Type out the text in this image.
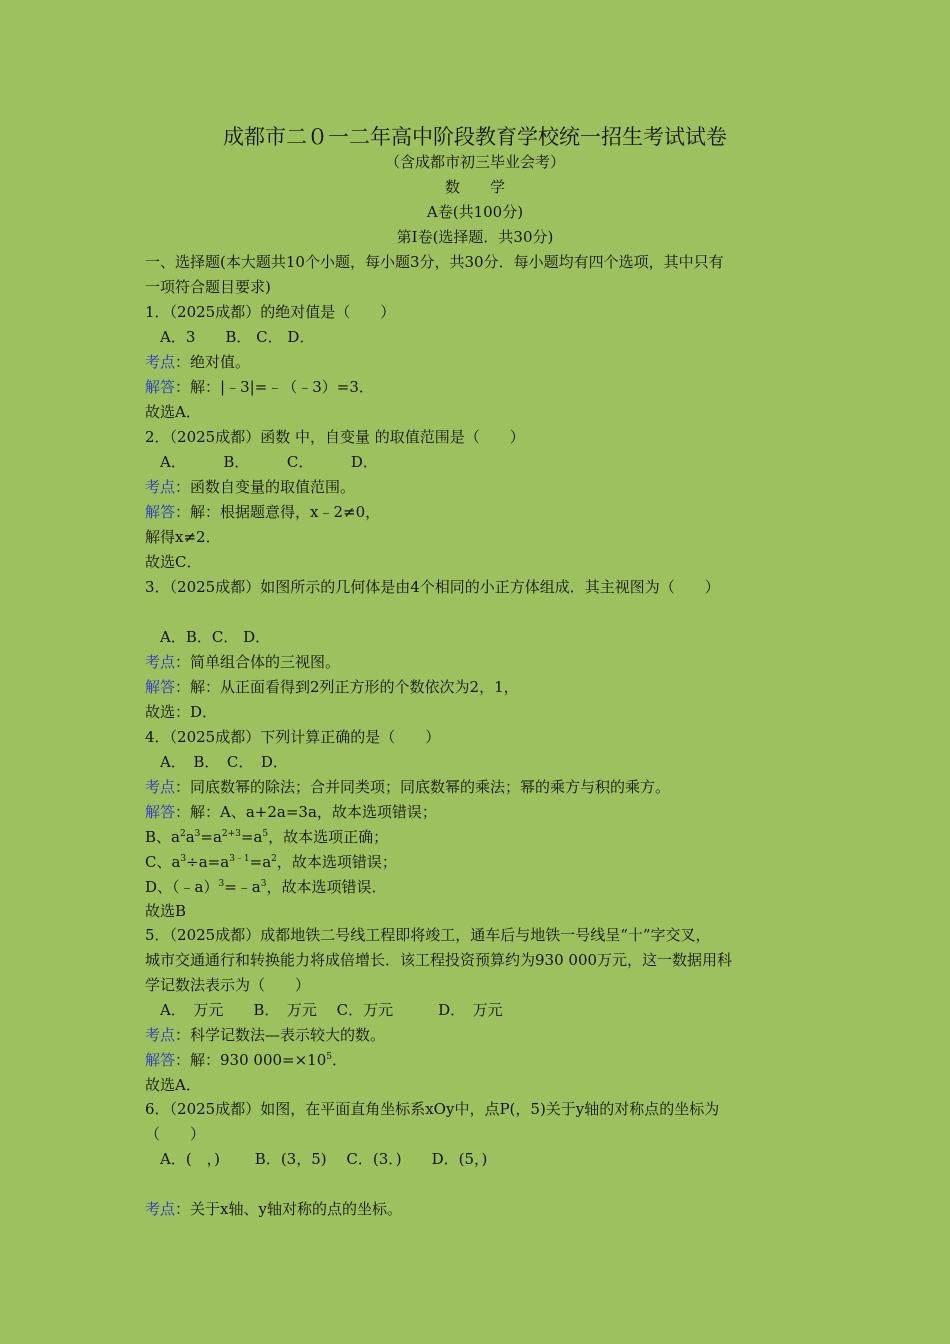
成都市二０一二年高中阶段教育学校统一招生考试试卷
（含成都市初三毕业会考）
数　　学
A卷(共100分)
第Ⅰ卷(选择题．共30分)
一、选择题(本大题共10个小题，每小题3分，共30分．每小题均有四个选项，其中只有
一项符合题目要求)
1．（2025成都）的绝对值是（　　）
　A．3　　B． C． D．
考点：绝对值。
解答：解：|﹣3|=﹣（﹣3）=3．
故选A．
2．（2025成都）函数 中，自变量 的取值范围是（　　）
　A．　　　B．　　　C．　　　D．
考点：函数自变量的取值范围。
解答：解：根据题意得，x﹣2≠0，
解得x≠2．
故选C．
3．（2025成都）如图所示的几何体是由4个相同的小正方体组成．其主视图为（　　）
　A．B．C． D．
考点：简单组合体的三视图。
解答：解：从正面看得到2列正方形的个数依次为2，1，
故选：D．
4．（2025成都）下列计算正确的是（　　）
　A．　B．　C．　D．
考点：同底数幂的除法；合并同类项；同底数幂的乘法；幂的乘方与积的乘方。
解答：解：A、a+2a=3a，故本选项错误；
B、$a^2a^3=a^{2+3}=a^5$，故本选项正确；
C、$a^3\div a=a^{3﹣1}=a^2$，故本选项错误；
D、$(﹣a)^3=﹣a^3$，故本选项错误．
故选B
5．（2025成都）成都地铁二号线工程即将竣工，通车后与地铁一号线呈“十”字交叉，
城市交通通行和转换能力将成倍增长．该工程投资预算约为930 000万元，这一数据用科
学记数法表示为（　　）
　A．　万元　　B．　万元　 C．万元　　　D．　万元
考点：科学记数法—表示较大的数。
解答：解：930 $000=\times 10^5$．
故选A．
6．（2025成都）如图，在平面直角坐标系xOy中，点P(，5)关于y轴的对称点的坐标为
（　　）
　A．(　，)　　 B．(3，5)　 C．(3．)　　D．(5，)
考点：关于x轴、y轴对称的点的坐标。
